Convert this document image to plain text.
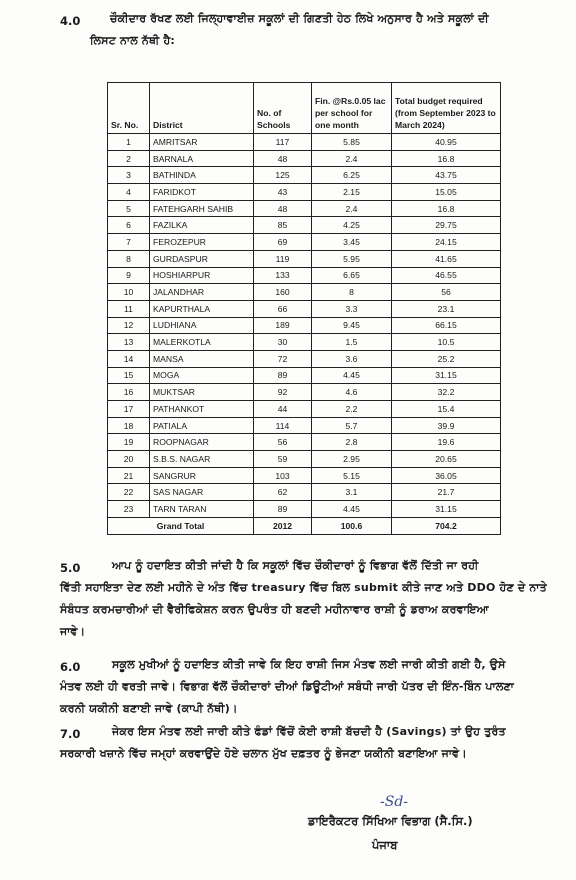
4.0	ਚੌਕੀਦਾਰ ਰੱਖਣ ਲਈ ਜਿਲ੍ਹਾਵਾਈਜ਼ ਸਕੂਲਾਂ ਦੀ ਗਿਣਤੀ ਹੇਠ ਲਿਖੇ ਅਨੁਸਾਰ ਹੈ ਅਤੇ ਸਕੂਲਾਂ ਦੀ
ਲਿਸਟ ਨਾਲ ਨੱਥੀ ਹੈ:
Sr. No.	District	No. of Schools	Fin. @Rs.0.05 lac per school for one month	Total budget required (from September 2023 to March 2024)
1	AMRITSAR	117	5.85	40.95
2	BARNALA	48	2.4	16.8
3	BATHINDA	125	6.25	43.75
4	FARIDKOT	43	2.15	15.05
5	FATEHGARH SAHIB	48	2.4	16.8
6	FAZILKA	85	4.25	29.75
7	FEROZEPUR	69	3.45	24.15
8	GURDASPUR	119	5.95	41.65
9	HOSHIARPUR	133	6.65	46.55
10	JALANDHAR	160	8	56
11	KAPURTHALA	66	3.3	23.1
12	LUDHIANA	189	9.45	66.15
13	MALERKOTLA	30	1.5	10.5
14	MANSA	72	3.6	25.2
15	MOGA	89	4.45	31.15
16	MUKTSAR	92	4.6	32.2
17	PATHANKOT	44	2.2	15.4
18	PATIALA	114	5.7	39.9
19	ROOPNAGAR	56	2.8	19.6
20	S.B.S. NAGAR	59	2.95	20.65
21	SANGRUR	103	5.15	36.05
22	SAS NAGAR	62	3.1	21.7
23	TARN TARAN	89	4.45	31.15
Grand Total		2012	100.6	704.2
5.0	ਆਪ ਨੂੰ ਹਦਾਇਤ ਕੀਤੀ ਜਾਂਦੀ ਹੈ ਕਿ ਸਕੂਲਾਂ ਵਿੱਚ ਚੌਕੀਦਾਰਾਂ ਨੂੰ ਵਿਭਾਗ ਵੱਲੋਂ ਦਿੱਤੀ ਜਾ ਰਹੀ
ਵਿੱਤੀ ਸਹਾਇਤਾ ਦੇਣ ਲਈ ਮਹੀਨੇ ਦੇ ਅੰਤ ਵਿੱਚ treasury ਵਿੱਚ ਬਿਲ submit ਕੀਤੇ ਜਾਣ ਅਤੇ DDO ਹੋਣ ਦੇ ਨਾਤੇ
ਸੰਬੰਧਤ ਕਰਮਚਾਰੀਆਂ ਦੀ ਵੈਰੀਫਿਕੇਸ਼ਨ ਕਰਨ ਉਪਰੰਤ ਹੀ ਬਣਦੀ ਮਹੀਨਾਵਾਰ ਰਾਸ਼ੀ ਨੂੰ ਡਰਾਅ ਕਰਵਾਇਆ
ਜਾਵੇ।
6.0	ਸਕੂਲ ਮੁਖੀਆਂ ਨੂੰ ਹਦਾਇਤ ਕੀਤੀ ਜਾਵੇ ਕਿ ਇਹ ਰਾਸ਼ੀ ਜਿਸ ਮੰਤਵ ਲਈ ਜਾਰੀ ਕੀਤੀ ਗਈ ਹੈ, ਉਸੇ
ਮੰਤਵ ਲਈ ਹੀ ਵਰਤੀ ਜਾਵੇ। ਵਿਭਾਗ ਵੱਲੋਂ ਚੌਕੀਦਾਰਾਂ ਦੀਆਂ ਡਿਊਟੀਆਂ ਸਬੰਧੀ ਜਾਰੀ ਪੱਤਰ ਦੀ ਇੰਨ-ਬਿੰਨ ਪਾਲਣਾ
ਕਰਨੀ ਯਕੀਨੀ ਬਣਾਈ ਜਾਵੇ (ਕਾਪੀ ਨੱਥੀ)।
7.0	ਜੇਕਰ ਇਸ ਮੰਤਵ ਲਈ ਜਾਰੀ ਕੀਤੇ ਫੰਡਾਂ ਵਿੱਚੋਂ ਕੋਈ ਰਾਸ਼ੀ ਬੱਚਦੀ ਹੈ (Savings) ਤਾਂ ਉਹ ਤੁਰੰਤ
ਸਰਕਾਰੀ ਖਜ਼ਾਨੇ ਵਿੱਚ ਜਮ੍ਹਾਂ ਕਰਵਾਉਂਦੇ ਹੋਏ ਚਲਾਨ ਮੁੱਖ ਦਫ਼ਤਰ ਨੂੰ ਭੇਜਣਾ ਯਕੀਨੀ ਬਣਾਇਆ ਜਾਵੇ।
-Sd-
ਡਾਇਰੈਕਟਰ ਸਿੱਖਿਆ ਵਿਭਾਗ (ਸੈ.ਸਿ.)
ਪੰਜਾਬ
